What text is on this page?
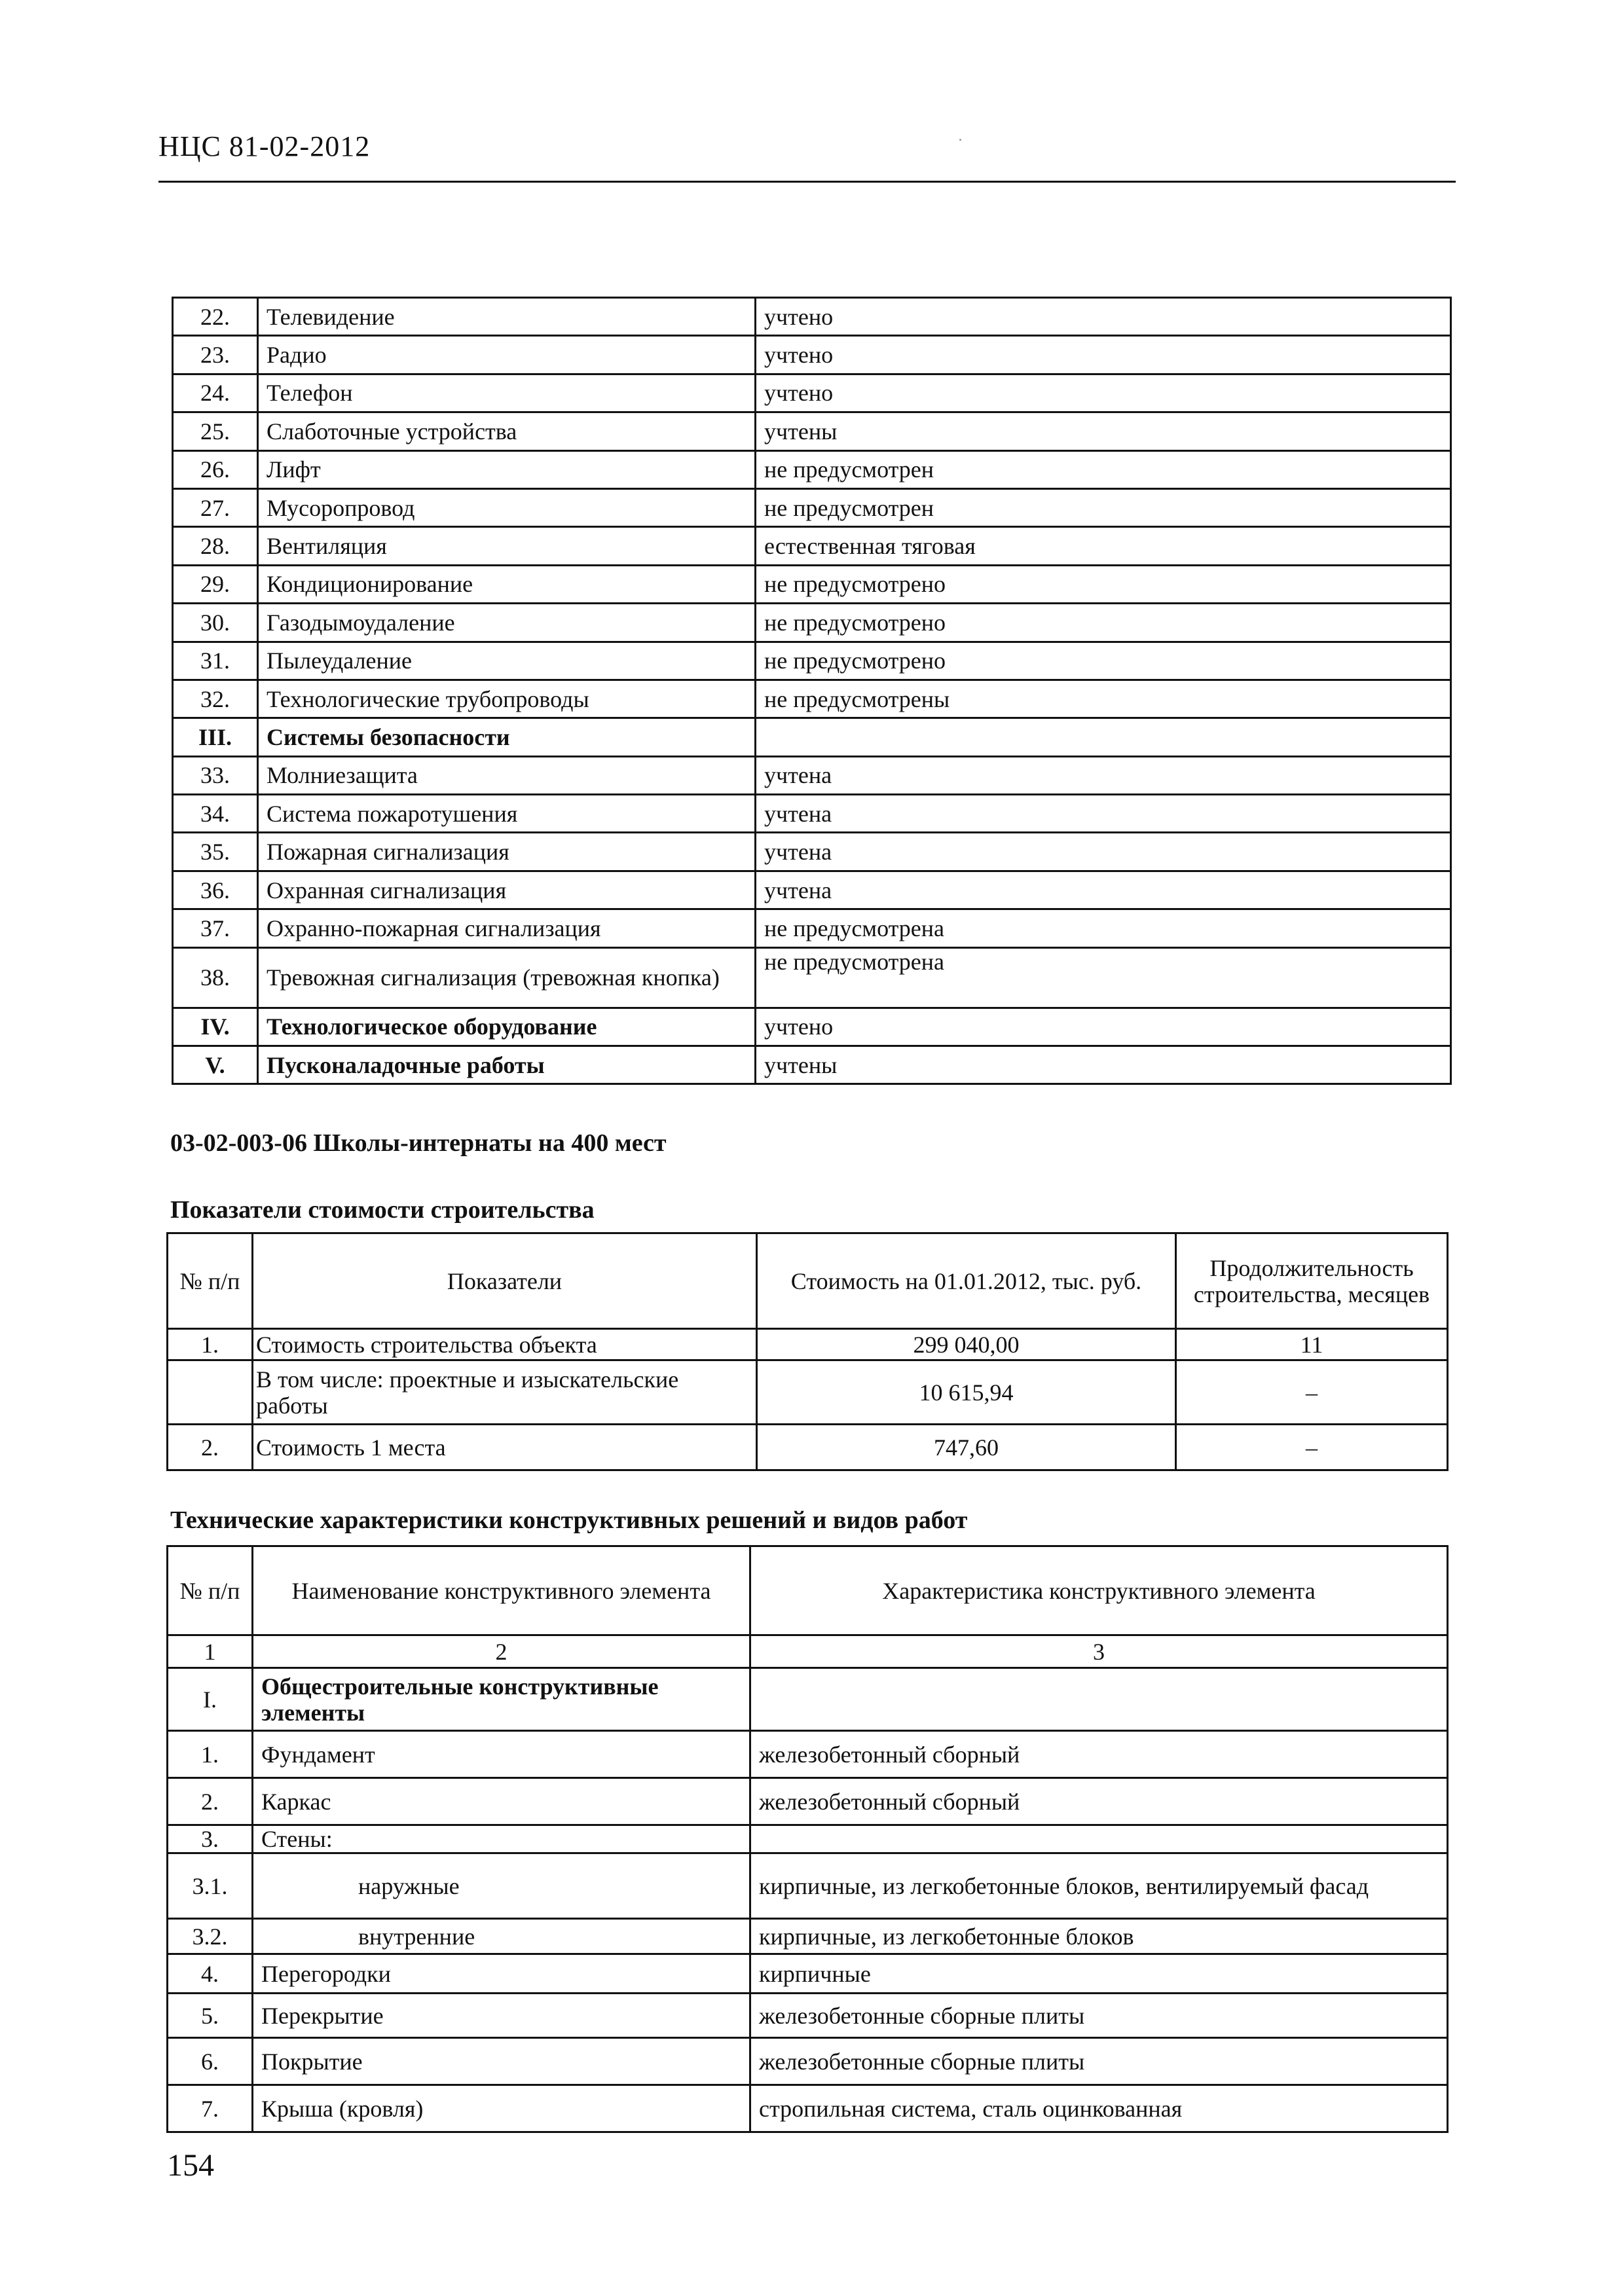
НЦС 81-02-2012
22.	Телевидение	учтено
23.	Радио	учтено
24.	Телефон	учтено
25.	Слаботочные устройства	учтены
26.	Лифт	не предусмотрен
27.	Мусоропровод	не предусмотрен
28.	Вентиляция	естественная тяговая
29.	Кондиционирование	не предусмотрено
30.	Газодымоудаление	не предусмотрено
31.	Пылеудаление	не предусмотрено
32.	Технологические трубопроводы	не предусмотрены
III.	Системы безопасности	
33.	Молниезащита	учтена
34.	Система пожаротушения	учтена
35.	Пожарная сигнализация	учтена
36.	Охранная сигнализация	учтена
37.	Охранно-пожарная сигнализация	не предусмотрена
38.	Тревожная сигнализация (тревожная кнопка)	не предусмотрена
IV.	Технологическое оборудование	учтено
V.	Пусконаладочные работы	учтены
03-02-003-06 Школы-интернаты на 400 мест
Показатели стоимости строительства
№ п/п	Показатели	Стоимость на 01.01.2012, тыс. руб.	Продолжительность строительства, месяцев
1.	Стоимость строительства объекта	299 040,00	11
	В том числе: проектные и изыскательские работы	10 615,94	–
2.	Стоимость 1 места	747,60	–
Технические характеристики конструктивных решений и видов работ
№ п/п	Наименование конструктивного элемента	Характеристика конструктивного элемента
1	2	3
I.	Общестроительные конструктивные элементы	
1.	Фундамент	железобетонный сборный
2.	Каркас	железобетонный сборный
3.	Стены:	
3.1.	наружные	кирпичные, из легкобетонные блоков, вентилируемый фасад
3.2.	внутренние	кирпичные, из легкобетонные блоков
4.	Перегородки	кирпичные
5.	Перекрытие	железобетонные сборные плиты
6.	Покрытие	железобетонные сборные плиты
7.	Крыша (кровля)	стропильная система, сталь оцинкованная
154
